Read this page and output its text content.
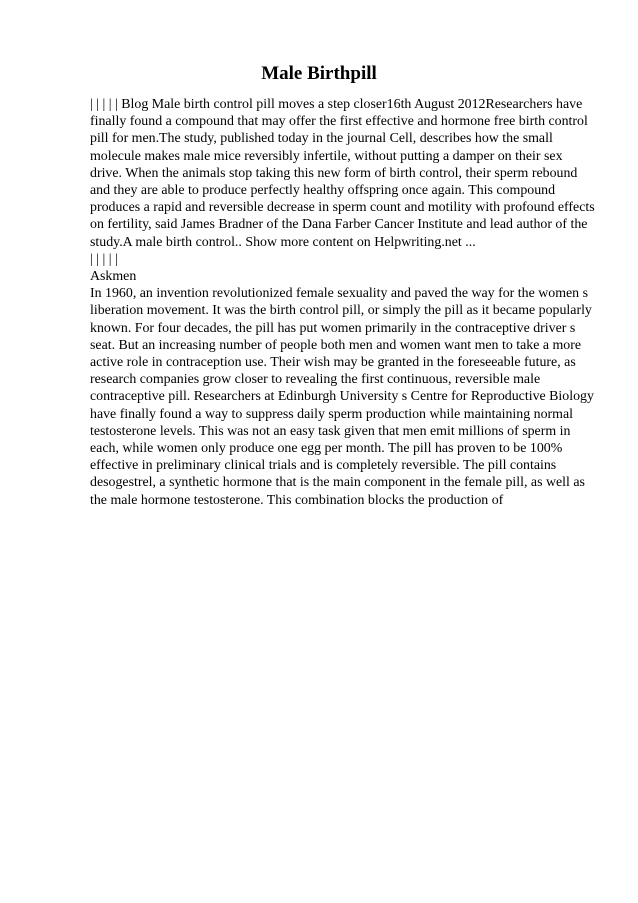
Male Birthpill

| | | | | Blog Male birth control pill moves a step closer16th August 2012Researchers have finally found a compound that may offer the first effective and hormone free birth control pill for men.The study, published today in the journal Cell, describes how the small molecule makes male mice reversibly infertile, without putting a damper on their sex drive. When the animals stop taking this new form of birth control, their sperm rebound and they are able to produce perfectly healthy offspring once again. This compound produces a rapid and reversible decrease in sperm count and motility with profound effects on fertility, said James Bradner of the Dana Farber Cancer Institute and lead author of the study.A male birth control.. Show more content on Helpwriting.net ...

| | | | |

Askmen

In 1960, an invention revolutionized female sexuality and paved the way for the women s liberation movement. It was the birth control pill, or simply the pill as it became popularly known. For four decades, the pill has put women primarily in the contraceptive driver s seat. But an increasing number of people both men and women want men to take a more active role in contraception use. Their wish may be granted in the foreseeable future, as research companies grow closer to revealing the first continuous, reversible male contraceptive pill. Researchers at Edinburgh University s Centre for Reproductive Biology have finally found a way to suppress daily sperm production while maintaining normal testosterone levels. This was not an easy task given that men emit millions of sperm in each, while women only produce one egg per month. The pill has proven to be 100% effective in preliminary clinical trials and is completely reversible. The pill contains desogestrel, a synthetic hormone that is the main component in the female pill, as well as the male hormone testosterone. This combination blocks the production of
